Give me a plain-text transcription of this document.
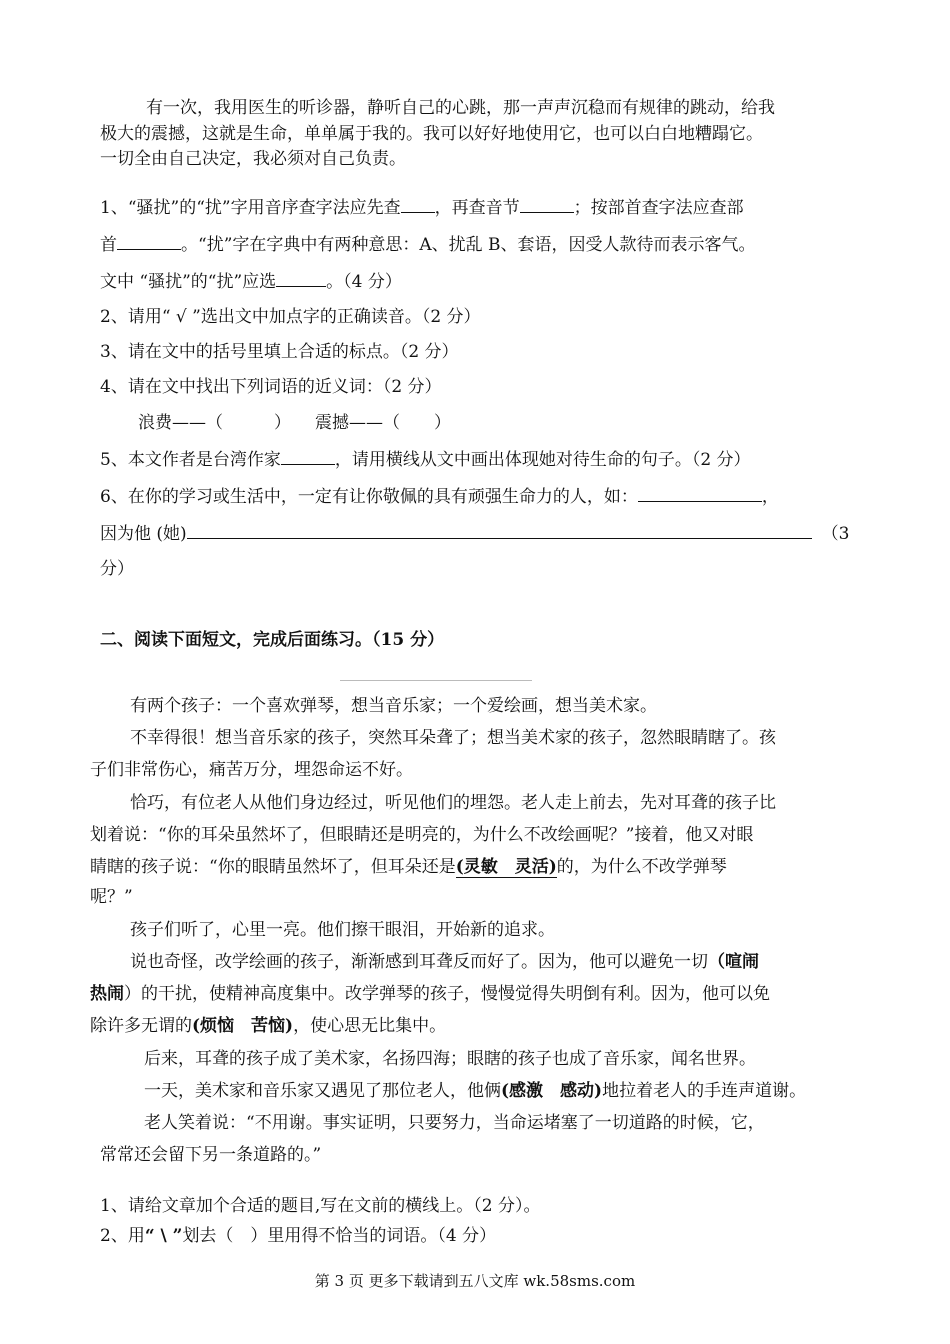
有一次，我用医生的听诊器，静听自己的心跳，那一声声沉稳而有规律的跳动，给我
极大的震撼，这就是生命，单单属于我的。我可以好好地使用它，也可以白白地糟蹋它。
一切全由自己决定，我必须对自己负责。
1、“骚扰”的“扰”字用音序查字法应先查 ，再查音节	；按部首查字法应查部
首	。“扰”字在字典中有两种意思：A、扰乱 B、套语，因受人款待而表示客气。
文中 “骚扰”的“扰”应选	。（4 分）
2、请用“ √ ”选出文中加点字的正确读音。（2 分）
3、请在文中的括号里填上合适的标点。（2 分）
4、请在文中找出下列词语的近义词：（2 分）
浪费——（　　　） 震撼——（　　）
5、本文作者是台湾作家	，请用横线从文中画出体现她对待生命的句子。（2 分）
6、在你的学习或生活中，一定有让你敬佩的具有顽强生命力的人，如：	，
因为他 (她)	（3
分）
二、阅读下面短文，完成后面练习。（15 分）
有两个孩子：一个喜欢弹琴，想当音乐家；一个爱绘画，想当美术家。
不幸得很！想当音乐家的孩子，突然耳朵聋了；想当美术家的孩子，忽然眼睛瞎了。孩
子们非常伤心，痛苦万分，埋怨命运不好。
恰巧，有位老人从他们身边经过，听见他们的埋怨。老人走上前去，先对耳聋的孩子比
划着说：“你的耳朵虽然坏了，但眼睛还是明亮的，为什么不改绘画呢？”接着，他又对眼
睛瞎的孩子说：“你的眼睛虽然坏了，但耳朵还是(灵敏　灵活)的，为什么不改学弹琴
呢？”
孩子们听了，心里一亮。他们擦干眼泪，开始新的追求。
说也奇怪，改学绘画的孩子，渐渐感到耳聋反而好了。因为，他可以避免一切（喧闹
热闹）的干扰，使精神高度集中。改学弹琴的孩子，慢慢觉得失明倒有利。因为，他可以免
除许多无谓的(烦恼　苦恼)，使心思无比集中。
后来，耳聋的孩子成了美术家，名扬四海；眼瞎的孩子也成了音乐家，闻名世界。
一天，美术家和音乐家又遇见了那位老人，他俩(感激　感动)地拉着老人的手连声道谢。
老人笑着说：“不用谢。事实证明，只要努力，当命运堵塞了一切道路的时候，它，
常常还会留下另一条道路的。”
1、请给文章加个合适的题目,写在文前的横线上。（2 分）。
2、用“ \ ”划去（　）里用得不恰当的词语。（4 分）
第 3 页 更多下载请到五八文库 wk.58sms.com
